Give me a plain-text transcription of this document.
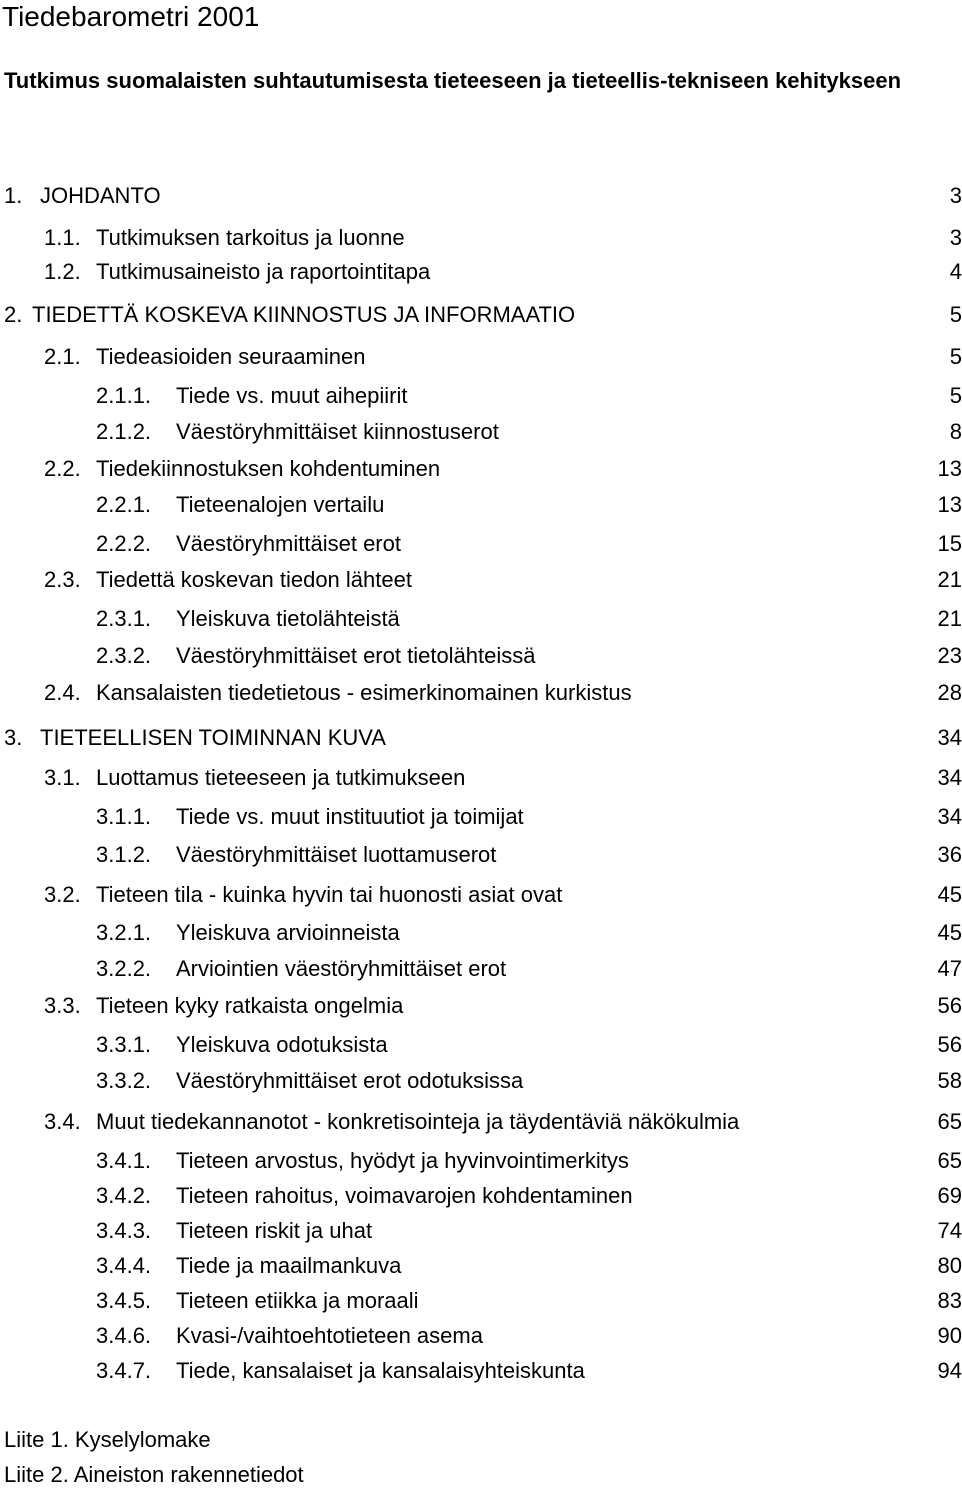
Tiedebarometri 2001
Tutkimus suomalaisten suhtautumisesta tieteeseen ja tieteellis-tekniseen kehitykseen
1. JOHDANTO	3
1.1. Tutkimuksen tarkoitus ja luonne	3
1.2. Tutkimusaineisto ja raportointitapa	4
2. TIEDETTÄ KOSKEVA KIINNOSTUS JA INFORMAATIO	5
2.1. Tiedeasioiden seuraaminen	5
2.1.1. Tiede vs. muut aihepiirit	5
2.1.2. Väestöryhmittäiset kiinnostuserot	8
2.2. Tiedekiinnostuksen kohdentuminen	13
2.2.1. Tieteenalojen vertailu	13
2.2.2. Väestöryhmittäiset erot	15
2.3. Tiedettä koskevan tiedon lähteet	21
2.3.1. Yleiskuva tietolähteistä	21
2.3.2. Väestöryhmittäiset erot tietolähteissä	23
2.4. Kansalaisten tiedetietous - esimerkinomainen kurkistus	28
3. TIETEELLISEN TOIMINNAN KUVA	34
3.1. Luottamus tieteeseen ja tutkimukseen	34
3.1.1. Tiede vs. muut instituutiot ja toimijat	34
3.1.2. Väestöryhmittäiset luottamuserot	36
3.2. Tieteen tila - kuinka hyvin tai huonosti asiat ovat	45
3.2.1. Yleiskuva arvioinneista	45
3.2.2. Arviointien väestöryhmittäiset erot	47
3.3. Tieteen kyky ratkaista ongelmia	56
3.3.1. Yleiskuva odotuksista	56
3.3.2. Väestöryhmittäiset erot odotuksissa	58
3.4. Muut tiedekannanotot - konkretisointeja ja täydentäviä näkökulmia	65
3.4.1. Tieteen arvostus, hyödyt ja hyvinvointimerkitys	65
3.4.2. Tieteen rahoitus, voimavarojen kohdentaminen	69
3.4.3. Tieteen riskit ja uhat	74
3.4.4. Tiede ja maailmankuva	80
3.4.5. Tieteen etiikka ja moraali	83
3.4.6. Kvasi-/vaihtoehtotieteen asema	90
3.4.7. Tiede, kansalaiset ja kansalaisyhteiskunta	94
Liite 1. Kyselylomake
Liite 2. Aineiston rakennetiedot
